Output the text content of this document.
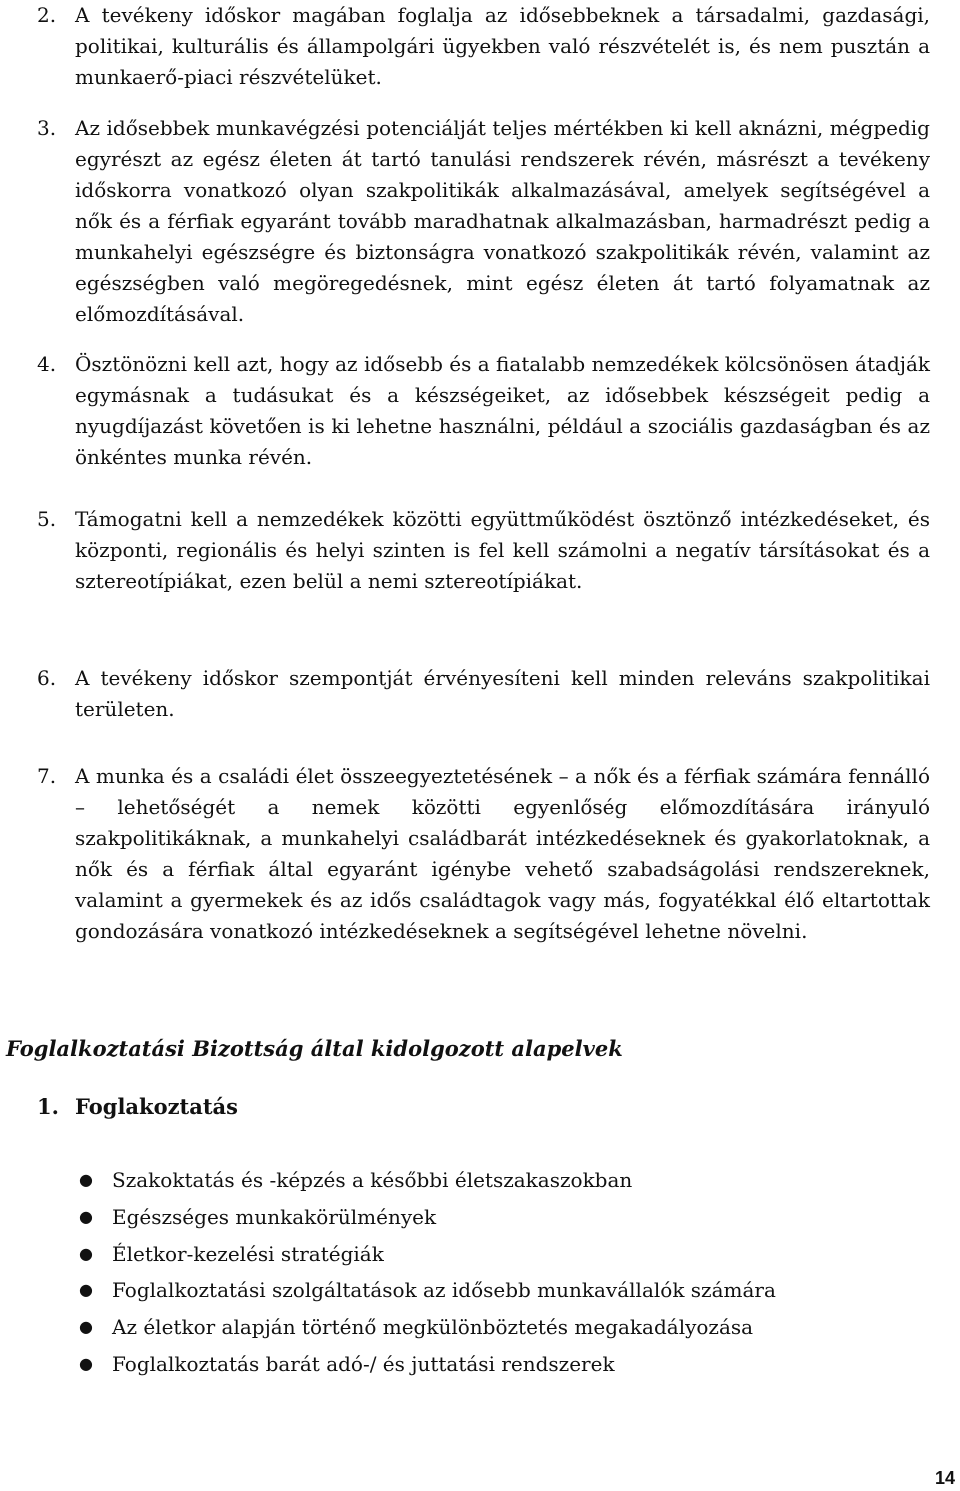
2. A tevékeny időskor magában foglalja az idősebbeknek a társadalmi, gazdasági, politikai, kulturális és állampolgári ügyekben való részvételét is, és nem pusztán a munkaerő-piaci részvételüket.
3. Az idősebbek munkavégzési potenciálját teljes mértékben ki kell aknázni, mégpedig egyrészt az egész életen át tartó tanulási rendszerek révén, másrészt a tevékeny időskorra vonatkozó olyan szakpolitikák alkalmazásával, amelyek segítségével a nők és a férfiak egyaránt tovább maradhatnak alkalmazásban, harmadrészt pedig a munkahelyi egészségre és biztonságra vonatkozó szakpolitikák révén, valamint az egészségben való megöregedésnek, mint egész életen át tartó folyamatnak az előmozdításával.
4. Ösztönözni kell azt, hogy az idősebb és a fiatalabb nemzedékek kölcsönösen átadják egymásnak a tudásukat és a készségeiket, az idősebbek készségeit pedig a nyugdíjazást követően is ki lehetne használni, például a szociális gazdaságban és az önkéntes munka révén.
5. Támogatni kell a nemzedékek közötti együttműködést ösztönző intézkedéseket, és központi, regionális és helyi szinten is fel kell számolni a negatív társításokat és a sztereotípiákat, ezen belül a nemi sztereotípiákat.
6. A tevékeny időskor szempontját érvényesíteni kell minden releváns szakpolitikai területen.
7. A munka és a családi élet összeegyeztetésének – a nők és a férfiak számára fennálló – lehetőségét a nemek közötti egyenlőség előmozdítására irányuló szakpolitikáknak, a munkahelyi családbarát intézkedéseknek és gyakorlatoknak, a nők és a férfiak által egyaránt igénybe vehető szabadságolási rendszereknek, valamint a gyermekek és az idős családtagok vagy más, fogyatékkal élő eltartottak gondozására vonatkozó intézkedéseknek a segítségével lehetne növelni.
Foglalkoztatási Bizottság által kidolgozott alapelvek
1. Foglakoztatás
● Szakoktatás és -képzés a későbbi életszakaszokban
● Egészséges munkakörülmények
● Életkor-kezelési stratégiák
● Foglalkoztatási szolgáltatások az idősebb munkavállalók számára
● Az életkor alapján történő megkülönböztetés megakadályozása
● Foglalkoztatás barát adó-/ és juttatási rendszerek
14
